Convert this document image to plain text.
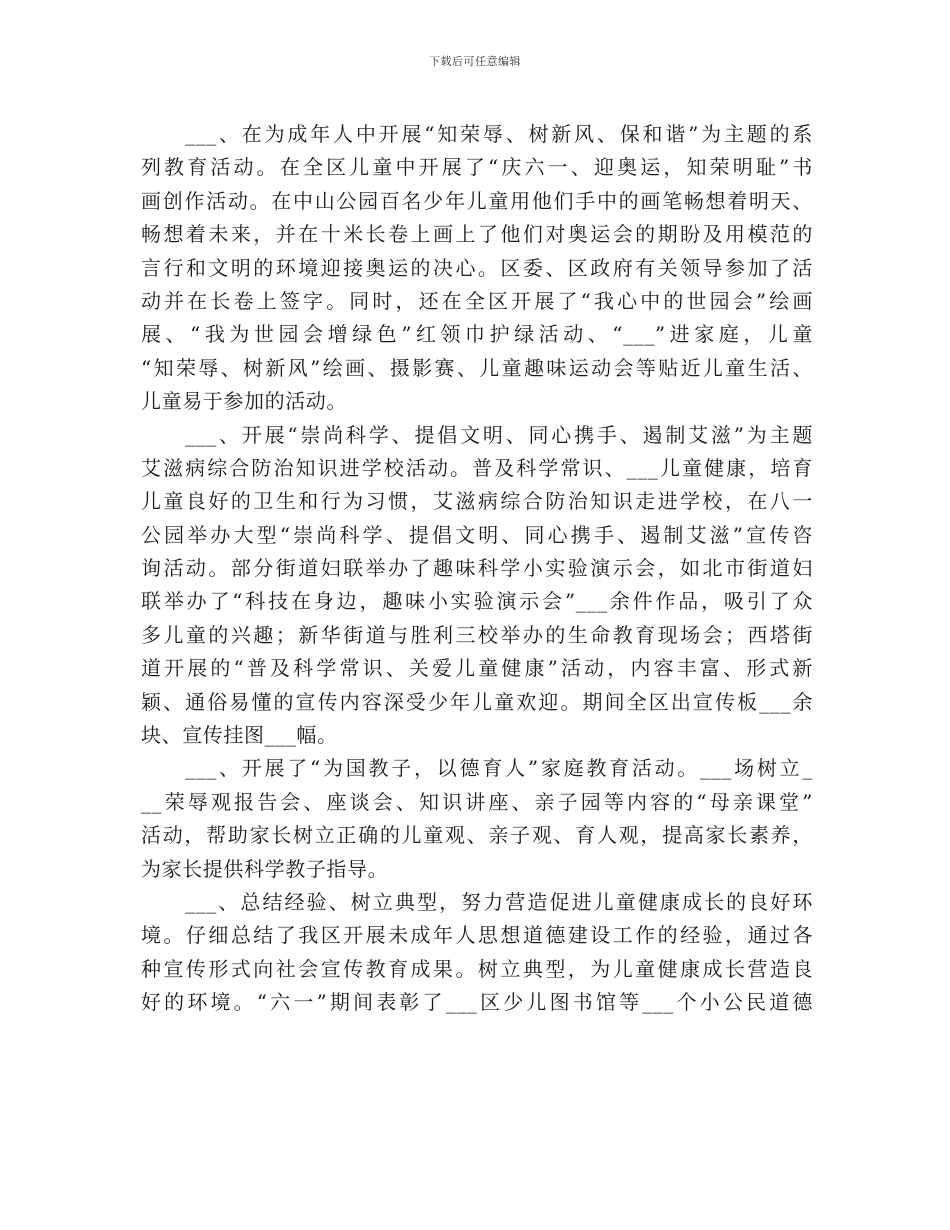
下载后可任意编辑
___、在为成年人中开展“知荣辱、树新风、保和谐”为主题的系
列教育活动。在全区儿童中开展了“庆六一、迎奥运，知荣明耻”书
画创作活动。在中山公园百名少年儿童用他们手中的画笔畅想着明天、
畅想着未来，并在十米长卷上画上了他们对奥运会的期盼及用模范的
言行和文明的环境迎接奥运的决心。区委、区政府有关领导参加了活
动并在长卷上签字。同时，还在全区开展了“我心中的世园会”绘画
展、“我为世园会增绿色”红领巾护绿活动、“___”进家庭，儿童
“知荣辱、树新风”绘画、摄影赛、儿童趣味运动会等贴近儿童生活、
儿童易于参加的活动。
___、开展“崇尚科学、提倡文明、同心携手、遏制艾滋”为主题
艾滋病综合防治知识进学校活动。普及科学常识、___儿童健康，培育
儿童良好的卫生和行为习惯，艾滋病综合防治知识走进学校，在八一
公园举办大型“崇尚科学、提倡文明、同心携手、遏制艾滋”宣传咨
询活动。部分街道妇联举办了趣味科学小实验演示会，如北市街道妇
联举办了“科技在身边，趣味小实验演示会”___余件作品，吸引了众
多儿童的兴趣；新华街道与胜利三校举办的生命教育现场会；西塔街
道开展的“普及科学常识、关爱儿童健康”活动，内容丰富、形式新
颖、通俗易懂的宣传内容深受少年儿童欢迎。期间全区出宣传板___余
块、宣传挂图___幅。
___、开展了“为国教子，以德育人”家庭教育活动。___场树立_
__荣辱观报告会、座谈会、知识讲座、亲子园等内容的“母亲课堂”
活动，帮助家长树立正确的儿童观、亲子观、育人观，提高家长素养，
为家长提供科学教子指导。
___、总结经验、树立典型，努力营造促进儿童健康成长的良好环
境。仔细总结了我区开展未成年人思想道德建设工作的经验，通过各
种宣传形式向社会宣传教育成果。树立典型，为儿童健康成长营造良
好的环境。“六一”期间表彰了___区少儿图书馆等___个小公民道德
